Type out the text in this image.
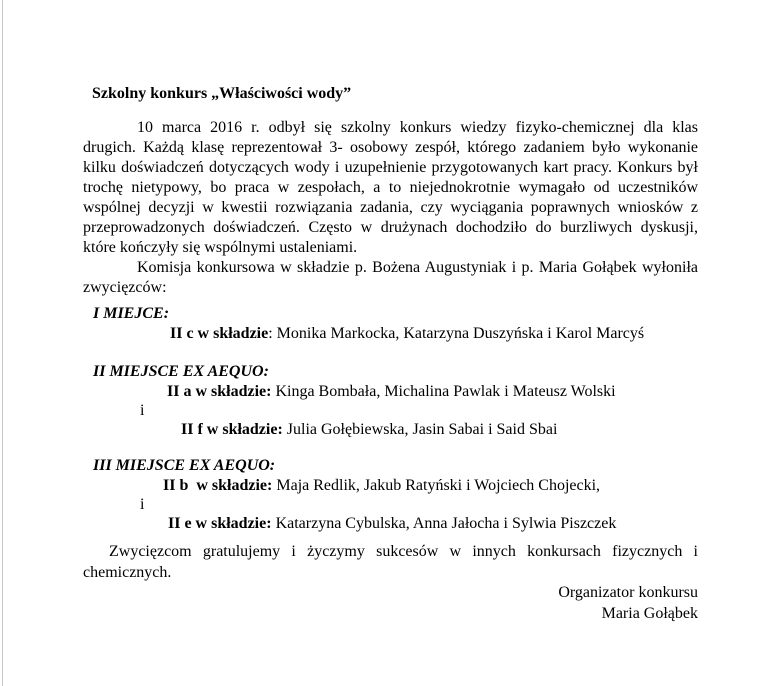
Szkolny konkurs „Właściwości wody”

10 marca 2016 r. odbył się szkolny konkurs wiedzy fizyko-chemicznej dla klas drugich. Każdą klasę reprezentował 3- osobowy zespół, którego zadaniem było wykonanie kilku doświadczeń dotyczących wody i uzupełnienie przygotowanych kart pracy. Konkurs był trochę nietypowy, bo praca w zespołach, a to niejednokrotnie wymagało od uczestników wspólnej decyzji w kwestii rozwiązania zadania, czy wyciągania poprawnych wniosków z przeprowadzonych doświadczeń. Często w drużynach dochodziło do burzliwych dyskusji, które kończyły się wspólnymi ustaleniami.

Komisja konkursowa w składzie p. Bożena Augustyniak i p. Maria Gołąbek wyłoniła zwycięzców:

I MIEJCE:

II c w składzie: Monika Markocka, Katarzyna Duszyńska i Karol Marcyś

II MIEJSCE EX AEQUO:

II a w składzie: Kinga Bombała, Michalina Pawlak i Mateusz Wolski

i

II f w składzie: Julia Gołębiewska, Jasin Sabai i Said Sbai

III MIEJSCE EX AEQUO:

II b  w składzie: Maja Redlik, Jakub Ratyński i Wojciech Chojecki,

i

II e w składzie: Katarzyna Cybulska, Anna Jałocha i Sylwia Piszczek

Zwycięzcom gratulujemy i życzymy sukcesów w innych konkursach fizycznych i chemicznych.

Organizator konkursu

Maria Gołąbek
